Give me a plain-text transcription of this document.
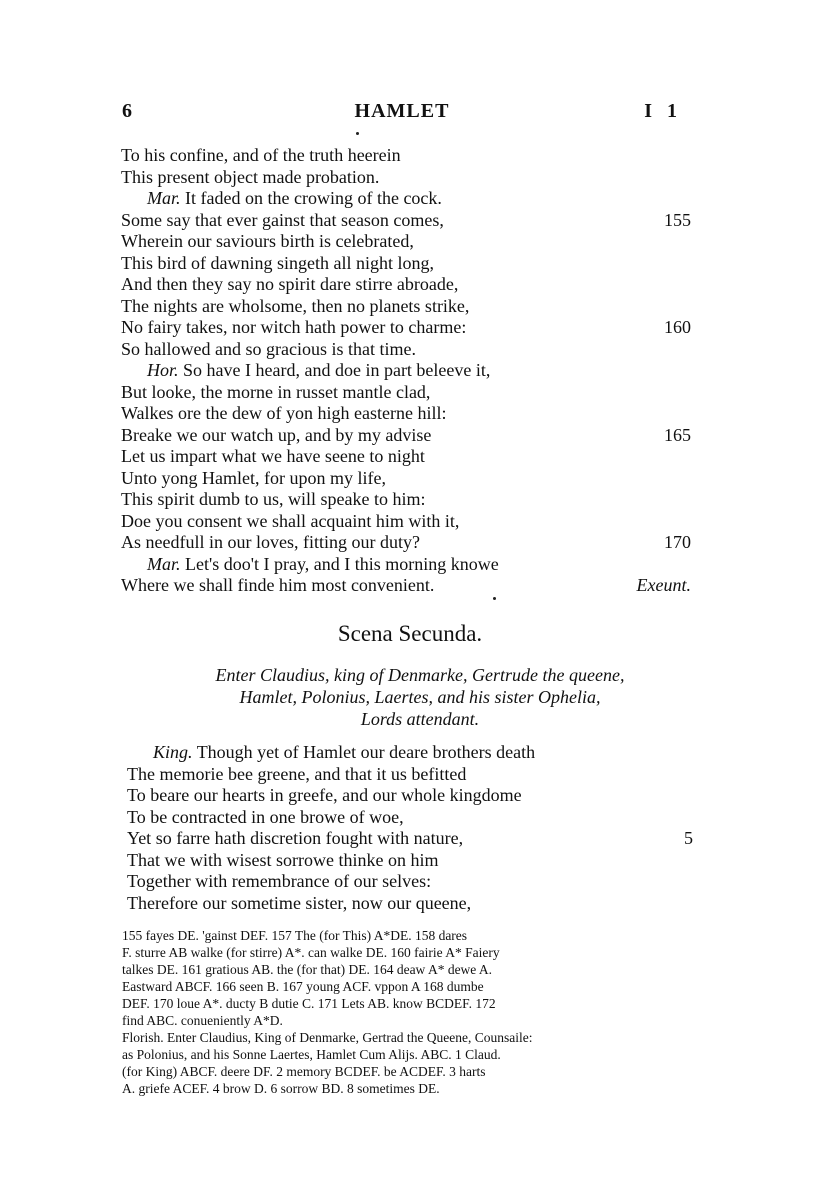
6	HAMLET	I 1
To his confine, and of the truth heerein
This present object made probation.
Mar. It faded on the crowing of the cock.
Some say that ever gainst that season comes,	155
Wherein our saviours birth is celebrated,
This bird of dawning singeth all night long,
And then they say no spirit dare stirre abroade,
The nights are wholsome, then no planets strike,
No fairy takes, nor witch hath power to charme:	160
So hallowed and so gracious is that time.
Hor. So have I heard, and doe in part beleeve it,
But looke, the morne in russet mantle clad,
Walkes ore the dew of yon high easterne hill:
Breake we our watch up, and by my advise	165
Let us impart what we have seene to night
Unto yong Hamlet, for upon my life,
This spirit dumb to us, will speake to him:
Doe you consent we shall acquaint him with it,
As needfull in our loves, fitting our duty?	170
Mar. Let's doo't I pray, and I this morning knowe
Where we shall finde him most convenient.	Exeunt.
Scena Secunda.
Enter Claudius, king of Denmarke, Gertrude the queene,
Hamlet, Polonius, Laertes, and his sister Ophelia,
Lords attendant.
King. Though yet of Hamlet our deare brothers death
The memorie bee greene, and that it us befitted
To beare our hearts in greefe, and our whole kingdome
To be contracted in one browe of woe,
Yet so farre hath discretion fought with nature,	5
That we with wisest sorrowe thinke on him
Together with remembrance of our selves:
Therefore our sometime sister, now our queene,
155 fayes DE. 'gainst DEF. 157 The (for This) A*DE. 158 dares
F. sturre AB walke (for stirre) A*. can walke DE. 160 fairie A* Faiery
talkes DE. 161 gratious AB. the (for that) DE. 164 deaw A* dewe A.
Eastward ABCF. 166 seen B. 167 young ACF. vppon A 168 dumbe
DEF. 170 loue A*. ducty B dutie C. 171 Lets AB. know BCDEF. 172
find ABC. conueniently A*D.
Florish. Enter Claudius, King of Denmarke, Gertrad the Queene, Counsaile:
as Polonius, and his Sonne Laertes, Hamlet Cum Alijs. ABC. 1 Claud.
(for King) ABCF. deere DF. 2 memory BCDEF. be ACDEF. 3 harts
A. griefe ACEF. 4 brow D. 6 sorrow BD. 8 sometimes DE.
